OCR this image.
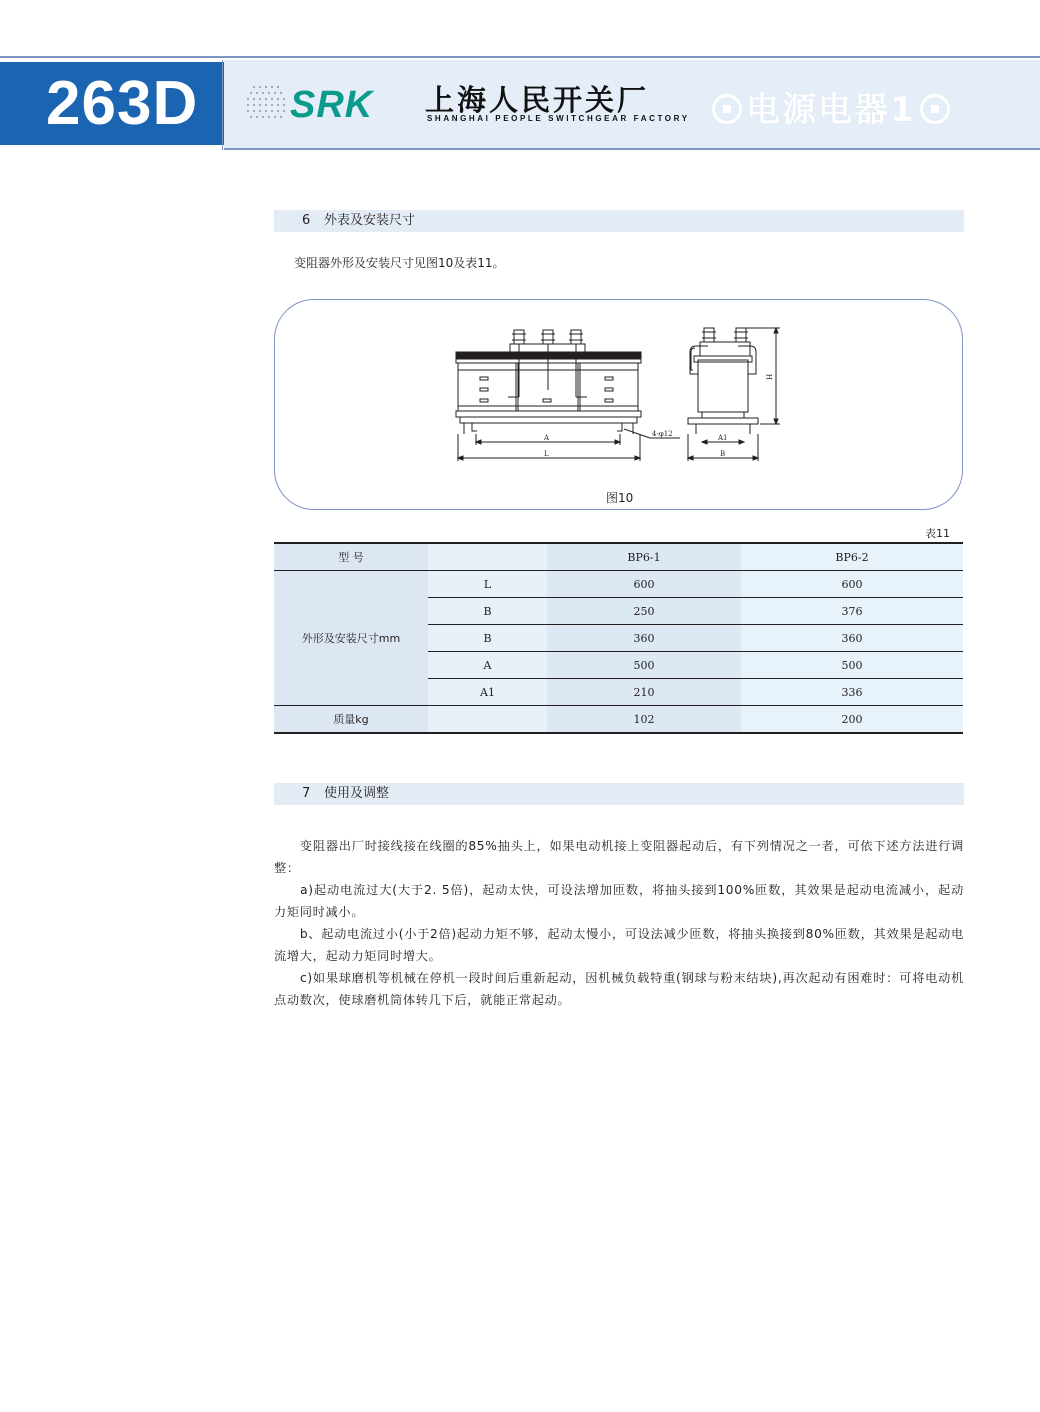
263D SRK 上海人民开关厂
SHANGHAI PEOPLE SWITCHGEAR FACTORY	电源电器1
6 外表及安装尺寸
变阻器外形及安装尺寸见图10及表11。
A
L
4-φ12	A1
B
H
图10
表11
型 号		BP6-1	BP6-2
外形及安装尺寸mm	L	600	600
	B	250	376
	B	360	360
	A	500	500
	A1	210	336
质量kg		102	200
7 使用及调整

　　变阻器出厂时接线接在线圈的85%抽头上，如果电动机接上变阻器起动后，有下列情况之一者，可依下述方法进行调整：

　　a)起动电流过大(大于2. 5倍)，起动太快，可设法增加匝数，将抽头接到100%匝数，其效果是起动电流减小，起动力矩同时减小。

　　b、起动电流过小(小于2倍)起动力矩不够，起动太慢小，可设法减少匝数，将抽头换接到80%匝数，其效果是起动电流增大，起动力矩同时增大。

　　c)如果球磨机等机械在停机一段时间后重新起动，因机械负载特重(钢球与粉末结块),再次起动有困难时：可将电动机点动数次，使球磨机筒体转几下后，就能正常起动。
